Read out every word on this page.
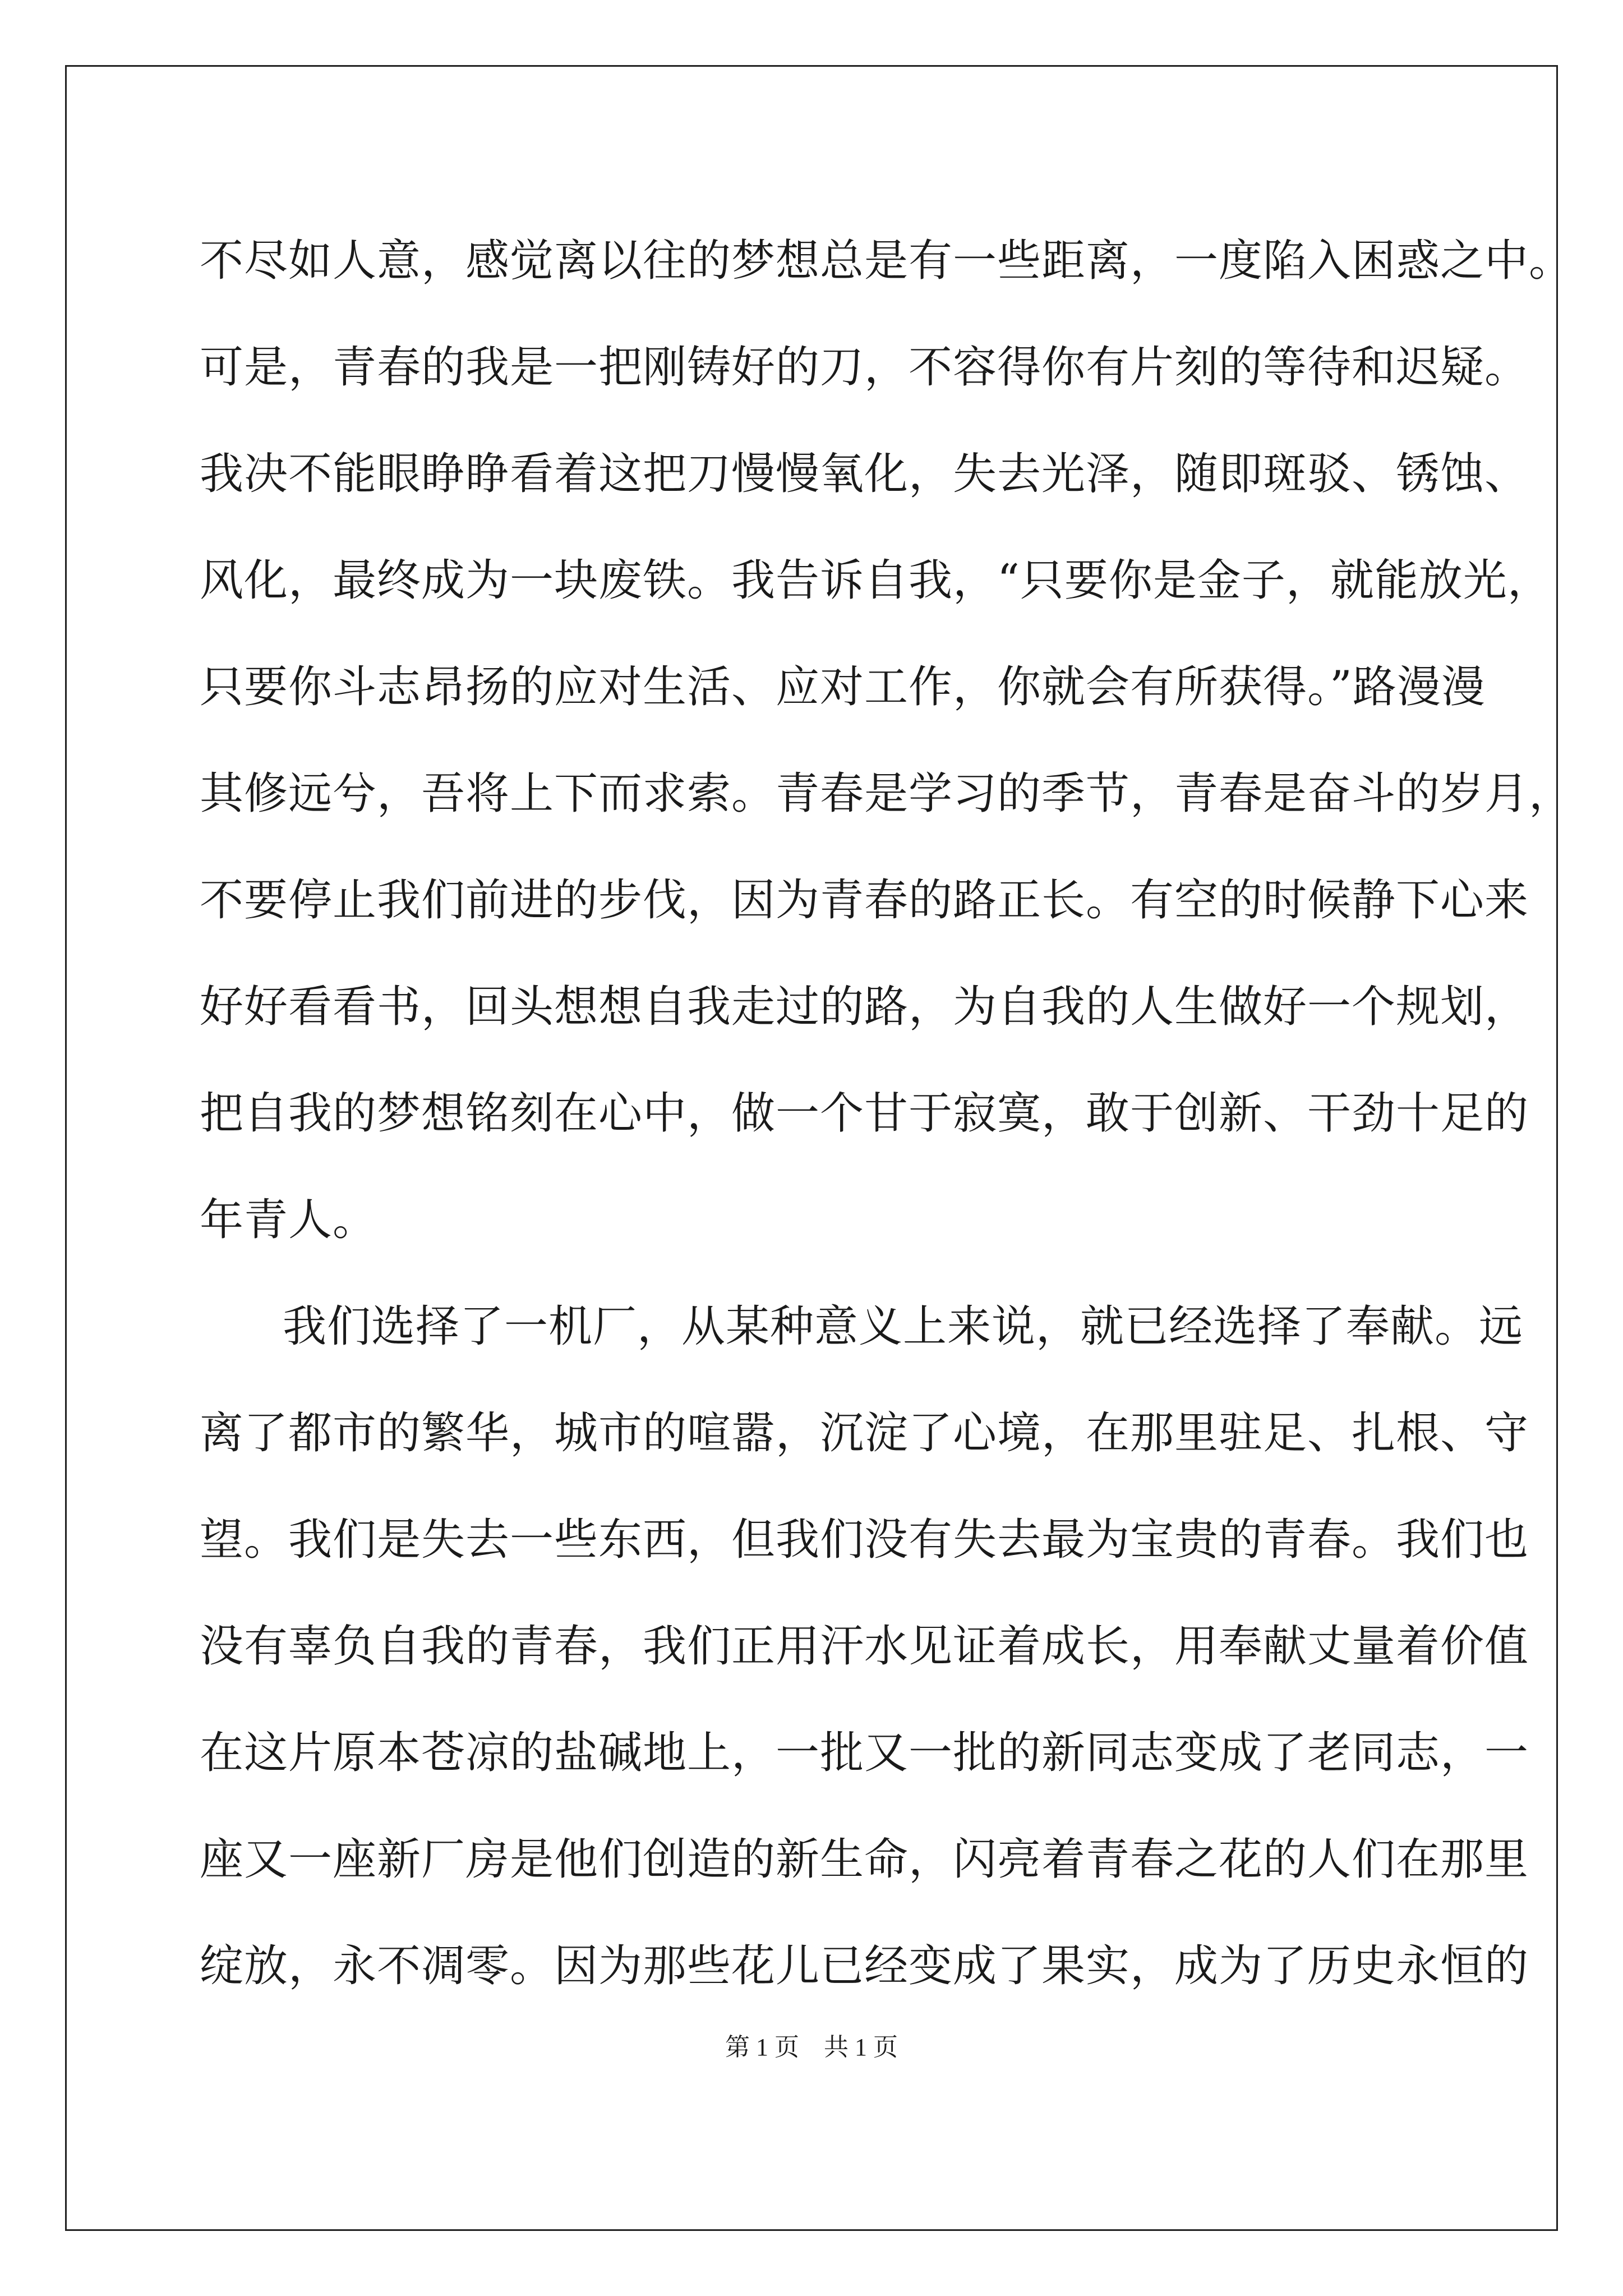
不尽如人意，感觉离以往的梦想总是有一些距离，一度陷入困惑之中。
可是，青春的我是一把刚铸好的刀，不容得你有片刻的等待和迟疑。
我决不能眼睁睁看着这把刀慢慢氧化，失去光泽，随即斑驳、锈蚀、
风化，最终成为一块废铁。我告诉自我，“只要你是金子，就能放光，
只要你斗志昂扬的应对生活、应对工作，你就会有所获得。”路漫漫
其修远兮，吾将上下而求索。青春是学习的季节，青春是奋斗的岁月，
不要停止我们前进的步伐，因为青春的路正长。有空的时候静下心来
好好看看书，回头想想自我走过的路，为自我的人生做好一个规划，
把自我的梦想铭刻在心中，做一个甘于寂寞，敢于创新、干劲十足的
年青人。
我们选择了一机厂，从某种意义上来说，就已经选择了奉献。远
离了都市的繁华，城市的喧嚣，沉淀了心境，在那里驻足、扎根、守
望。我们是失去一些东西，但我们没有失去最为宝贵的青春。我们也
没有辜负自我的青春，我们正用汗水见证着成长，用奉献丈量着价值
在这片原本苍凉的盐碱地上，一批又一批的新同志变成了老同志，一
座又一座新厂房是他们创造的新生命，闪亮着青春之花的人们在那里
绽放，永不凋零。因为那些花儿已经变成了果实，成为了历史永恒的
第 1 页　共 1 页
